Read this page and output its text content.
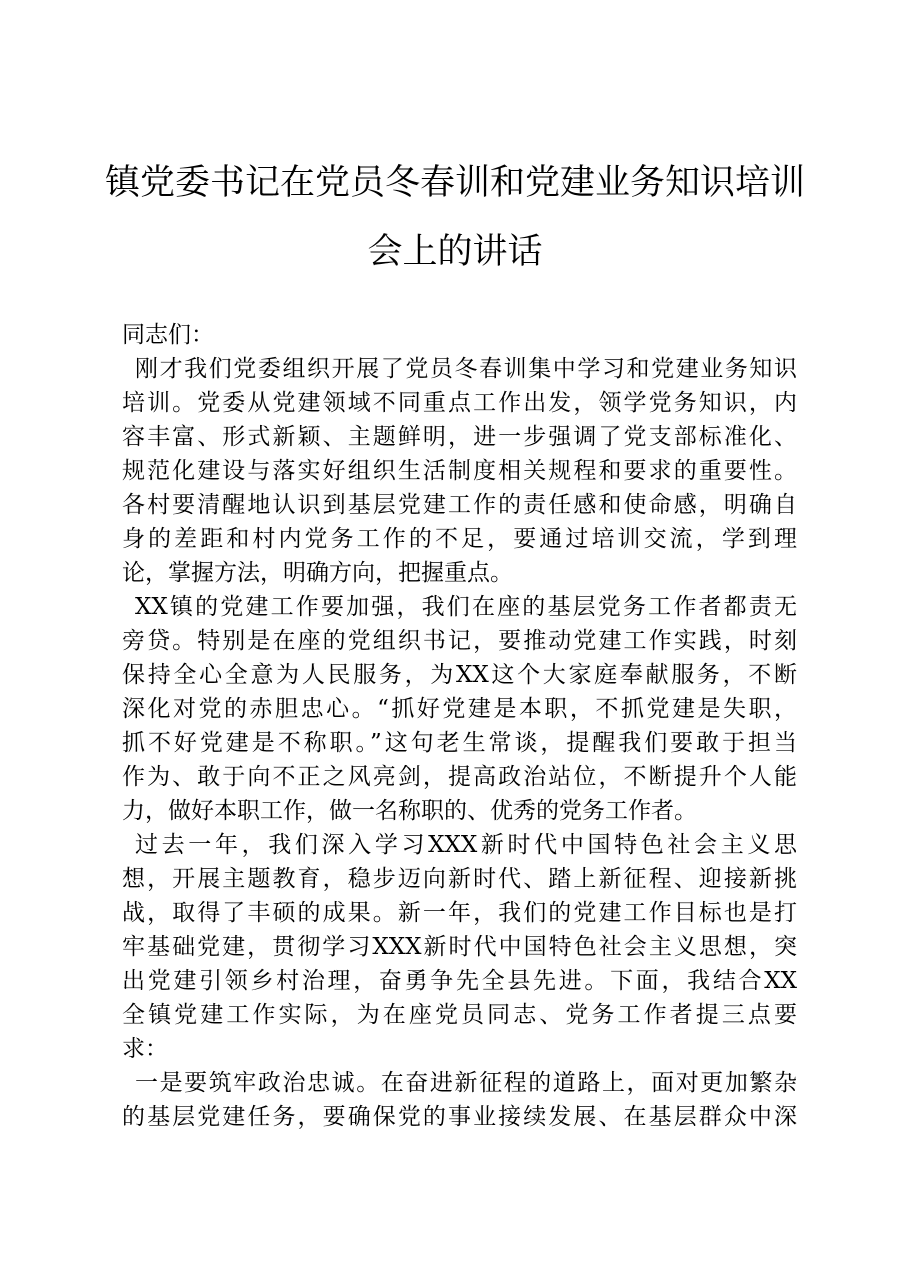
镇党委书记在党员冬春训和党建业务知识培训
会上的讲话
同志们：
刚才我们党委组织开展了党员冬春训集中学习和党建业务知识
培训。党委从党建领域不同重点工作出发，领学党务知识，内
容丰富、形式新颖、主题鲜明，进一步强调了党支部标准化、
规范化建设与落实好组织生活制度相关规程和要求的重要性。
各村要清醒地认识到基层党建工作的责任感和使命感，明确自
身的差距和村内党务工作的不足，要通过培训交流，学到理
论，掌握方法，明确方向，把握重点。
XX镇的党建工作要加强，我们在座的基层党务工作者都责无
旁贷。特别是在座的党组织书记，要推动党建工作实践，时刻
保持全心全意为人民服务，为XX这个大家庭奉献服务，不断
深化对党的赤胆忠心。“抓好党建是本职，不抓党建是失职，
抓不好党建是不称职。”这句老生常谈，提醒我们要敢于担当
作为、敢于向不正之风亮剑，提高政治站位，不断提升个人能
力，做好本职工作，做一名称职的、优秀的党务工作者。
过去一年，我们深入学习XXX新时代中国特色社会主义思
想，开展主题教育，稳步迈向新时代、踏上新征程、迎接新挑
战，取得了丰硕的成果。新一年，我们的党建工作目标也是打
牢基础党建，贯彻学习XXX新时代中国特色社会主义思想，突
出党建引领乡村治理，奋勇争先全县先进。下面，我结合XX
全镇党建工作实际，为在座党员同志、党务工作者提三点要
求：
一是要筑牢政治忠诚。在奋进新征程的道路上，面对更加繁杂
的基层党建任务，要确保党的事业接续发展、在基层群众中深
